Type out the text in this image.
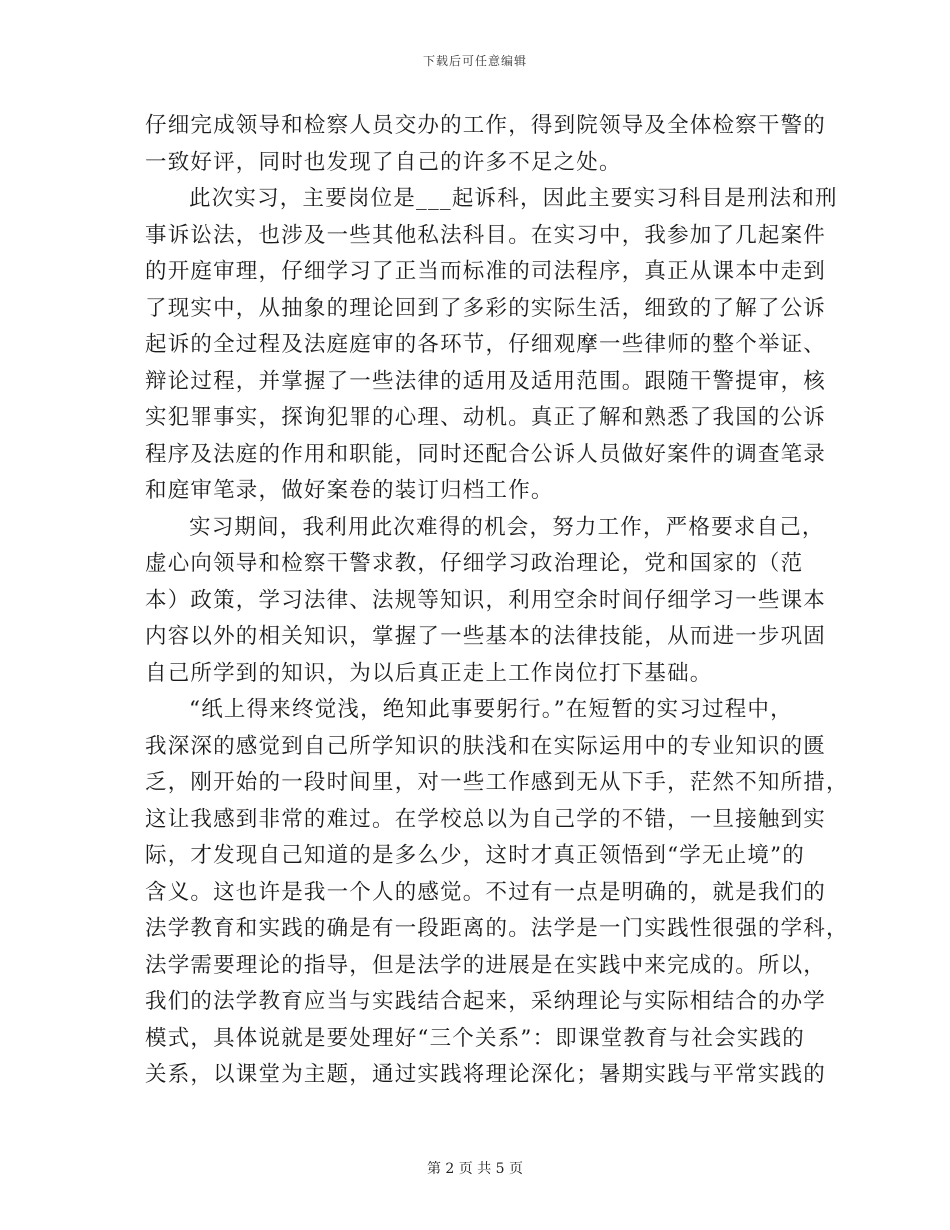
下载后可任意编辑

仔细完成领导和检察人员交办的工作，得到院领导及全体检察干警的
一致好评，同时也发现了自己的许多不足之处。

此次实习，主要岗位是___起诉科，因此主要实习科目是刑法和刑
事诉讼法，也涉及一些其他私法科目。在实习中，我参加了几起案件
的开庭审理，仔细学习了正当而标准的司法程序，真正从课本中走到
了现实中，从抽象的理论回到了多彩的实际生活，细致的了解了公诉
起诉的全过程及法庭庭审的各环节，仔细观摩一些律师的整个举证、
辩论过程，并掌握了一些法律的适用及适用范围。跟随干警提审，核
实犯罪事实，探询犯罪的心理、动机。真正了解和熟悉了我国的公诉
程序及法庭的作用和职能，同时还配合公诉人员做好案件的调查笔录
和庭审笔录，做好案卷的装订归档工作。

实习期间，我利用此次难得的机会，努力工作，严格要求自己，
虚心向领导和检察干警求教，仔细学习政治理论，党和国家的（范
本）政策，学习法律、法规等知识，利用空余时间仔细学习一些课本
内容以外的相关知识，掌握了一些基本的法律技能，从而进一步巩固
自己所学到的知识，为以后真正走上工作岗位打下基础。

“纸上得来终觉浅，绝知此事要躬行。”在短暂的实习过程中，
我深深的感觉到自己所学知识的肤浅和在实际运用中的专业知识的匮
乏，刚开始的一段时间里，对一些工作感到无从下手，茫然不知所措，
这让我感到非常的难过。在学校总以为自己学的不错，一旦接触到实
际，才发现自己知道的是多么少，这时才真正领悟到“学无止境”的
含义。这也许是我一个人的感觉。不过有一点是明确的，就是我们的
法学教育和实践的确是有一段距离的。法学是一门实践性很强的学科，
法学需要理论的指导，但是法学的进展是在实践中来完成的。所以，
我们的法学教育应当与实践结合起来，采纳理论与实际相结合的办学
模式，具体说就是要处理好“三个关系”：即课堂教育与社会实践的
关系，以课堂为主题，通过实践将理论深化；暑期实践与平常实践的

第 2 页 共 5 页
